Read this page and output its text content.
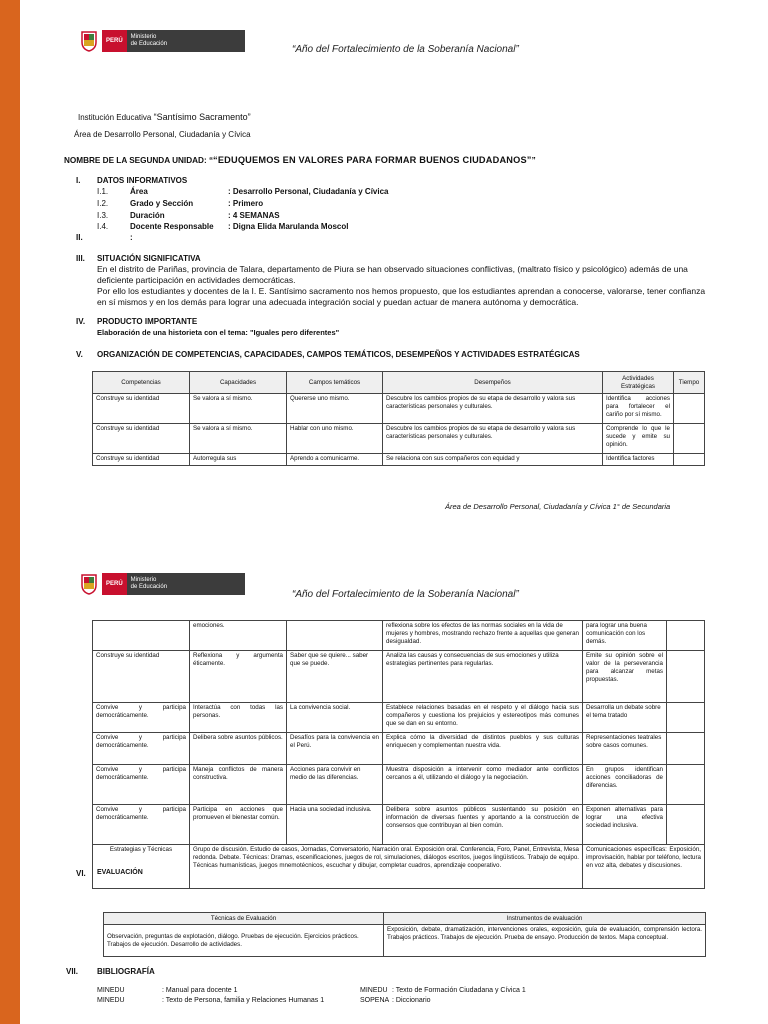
PERÚ
Ministerio
de Educación	“Año del Fortalecimiento de la Soberanía Nacional”
Institución Educativa “Santísimo Sacramento”
Área de Desarrollo Personal, Ciudadanía y Cívica
NOMBRE DE LA SEGUNDA UNIDAD: ““EDUQUEMOS EN VALORES PARA FORMAR BUENOS CIUDADANOS””
I. DATOS INFORMATIVOS
I.1.	Área	: Desarrollo Personal, Ciudadanía y Cívica
I.2.	Grado y Sección	: Primero
I.3.	Duración	: 4 SEMANAS
I.4.	Docente Responsable : Digna Elida Marulanda Moscol
II.	:
III. SITUACIÓN SIGNIFICATIVA
En el distrito de Pariñas, provincia de Talara, departamento de Piura se han observado situaciones conflictivas, (maltrato físico y psicológico) además de una deficiente participación en actividades democráticas.
Por ello los estudiantes y docentes de la I. E. Santísimo sacramento nos hemos propuesto, que los estudiantes aprendan a conocerse, valorarse, tener confianza en sí mismos y en los demás para lograr una adecuada integración social y puedan actuar de manera autónoma y democrática.
IV. PRODUCTO IMPORTANTE
Elaboración de una historieta con el tema: "Iguales pero diferentes"
V. ORGANIZACIÓN DE COMPETENCIAS, CAPACIDADES, CAMPOS TEMÁTICOS, DESEMPEÑOS Y ACTIVIDADES ESTRATÉGICAS
Competencias	Capacidades	Campos temáticos	Desempeños	Actividades Estratégicas	Tiempo
Construye su identidad	Se valora a sí mismo.	Quererse uno mismo.	Descubre los cambios propios de su etapa de desarrollo y valora sus características personales y culturales.	Identifica acciones para fortalecer el cariño por sí mismo.	
Construye su identidad	Se valora a sí mismo.	Hablar con uno mismo.	Descubre los cambios propios de su etapa de desarrollo y valora sus características personales y culturales.	Comprende lo que le sucede y emite su opinión.	
Construye su identidad	Autorregula sus	Aprendo a comunicarme.	Se relaciona con sus compañeros con equidad y	Identifica factores	
Área de Desarrollo Personal, Ciudadanía y Cívica 1° de Secundaria
PERÚ
Ministerio
de Educación
“Año del Fortalecimiento de la Soberanía Nacional”
	emociones.		reflexiona sobre los efectos de las normas sociales en la vida de mujeres y hombres, mostrando rechazo frente a aquellas que generan desigualdad.	para lograr una buena comunicación con los demás.	
Construye su identidad	Reflexiona y argumenta éticamente.	Saber que se quiere... saber que se puede.	Analiza las causas y consecuencias de sus emociones y utiliza estrategias pertinentes para regularlas.	Emite su opinión sobre el valor de la perseverancia para alcanzar metas propuestas.	
Convive y participa democráticamente.	Interactúa con todas las personas.	La convivencia social.	Establece relaciones basadas en el respeto y el diálogo hacia sus compañeros y cuestiona los prejuicios y estereotipos más comunes que se dan en su entorno.	Desarrolla un debate sobre el tema tratado	
Convive y participa democráticamente.	Delibera sobre asuntos públicos.	Desafíos para la convivencia en el Perú.	Explica cómo la diversidad de distintos pueblos y sus culturas enriquecen y complementan nuestra vida.	Representaciones teatrales sobre casos comunes.	
Convive y participa democráticamente.	Maneja conflictos de manera constructiva.	Acciones para convivir en medio de las diferencias.	Muestra disposición a intervenir como mediador ante conflictos cercanos a él, utilizando el diálogo y la negociación.	En grupos identifican acciones conciliadoras de diferencias.	
Convive y participa democráticamente.	Participa en acciones que promueven el bienestar común.	Hacia una sociedad inclusiva.	Delibera sobre asuntos públicos sustentando su posición en información de diversas fuentes y aportando a la construcción de consensos que contribuyan al bien común.	Exponen alternativas para lograr una efectiva sociedad inclusiva.	
Estrategias y Técnicas	Grupo de discusión. Estudio de casos, Jornadas, Conversatorio, Narración oral. Exposición oral. Conferencia, Foro, Panel, Entrevista, Mesa redonda. Debate. Técnicas: Dramas, escenificaciones, juegos de rol, simulaciones, diálogos escritos, juegos lingüísticos. Trabajo de equipo. Técnicas humanísticas, juegos mnemotécnicos, escuchar y dibujar, completar cuadros, aprendizaje cooperativo.			Comunicaciones específicas: Exposición, improvisación, hablar por teléfono, lectura en voz alta, debates y discusiones.	
VI. EVALUACIÓN
Técnicas de Evaluación	Instrumentos de evaluación
Observación, preguntas de explotación, diálogo. Pruebas de ejecución. Ejercicios prácticos. Trabajos de ejecución. Desarrollo de actividades.	Exposición, debate, dramatización, intervenciones orales, exposición, guía de evaluación, comprensión lectora. Trabajos prácticos. Trabajos de ejecución. Prueba de ensayo. Producción de textos. Mapa conceptual.
VII. BIBLIOGRAFÍA
MINEDU	: Manual para docente 1
MINEDU	: Texto de Persona, familia y Relaciones Humanas 1
MINEDU : Texto de Formación Ciudadana y Cívica 1
SOPENA : Diccionario
